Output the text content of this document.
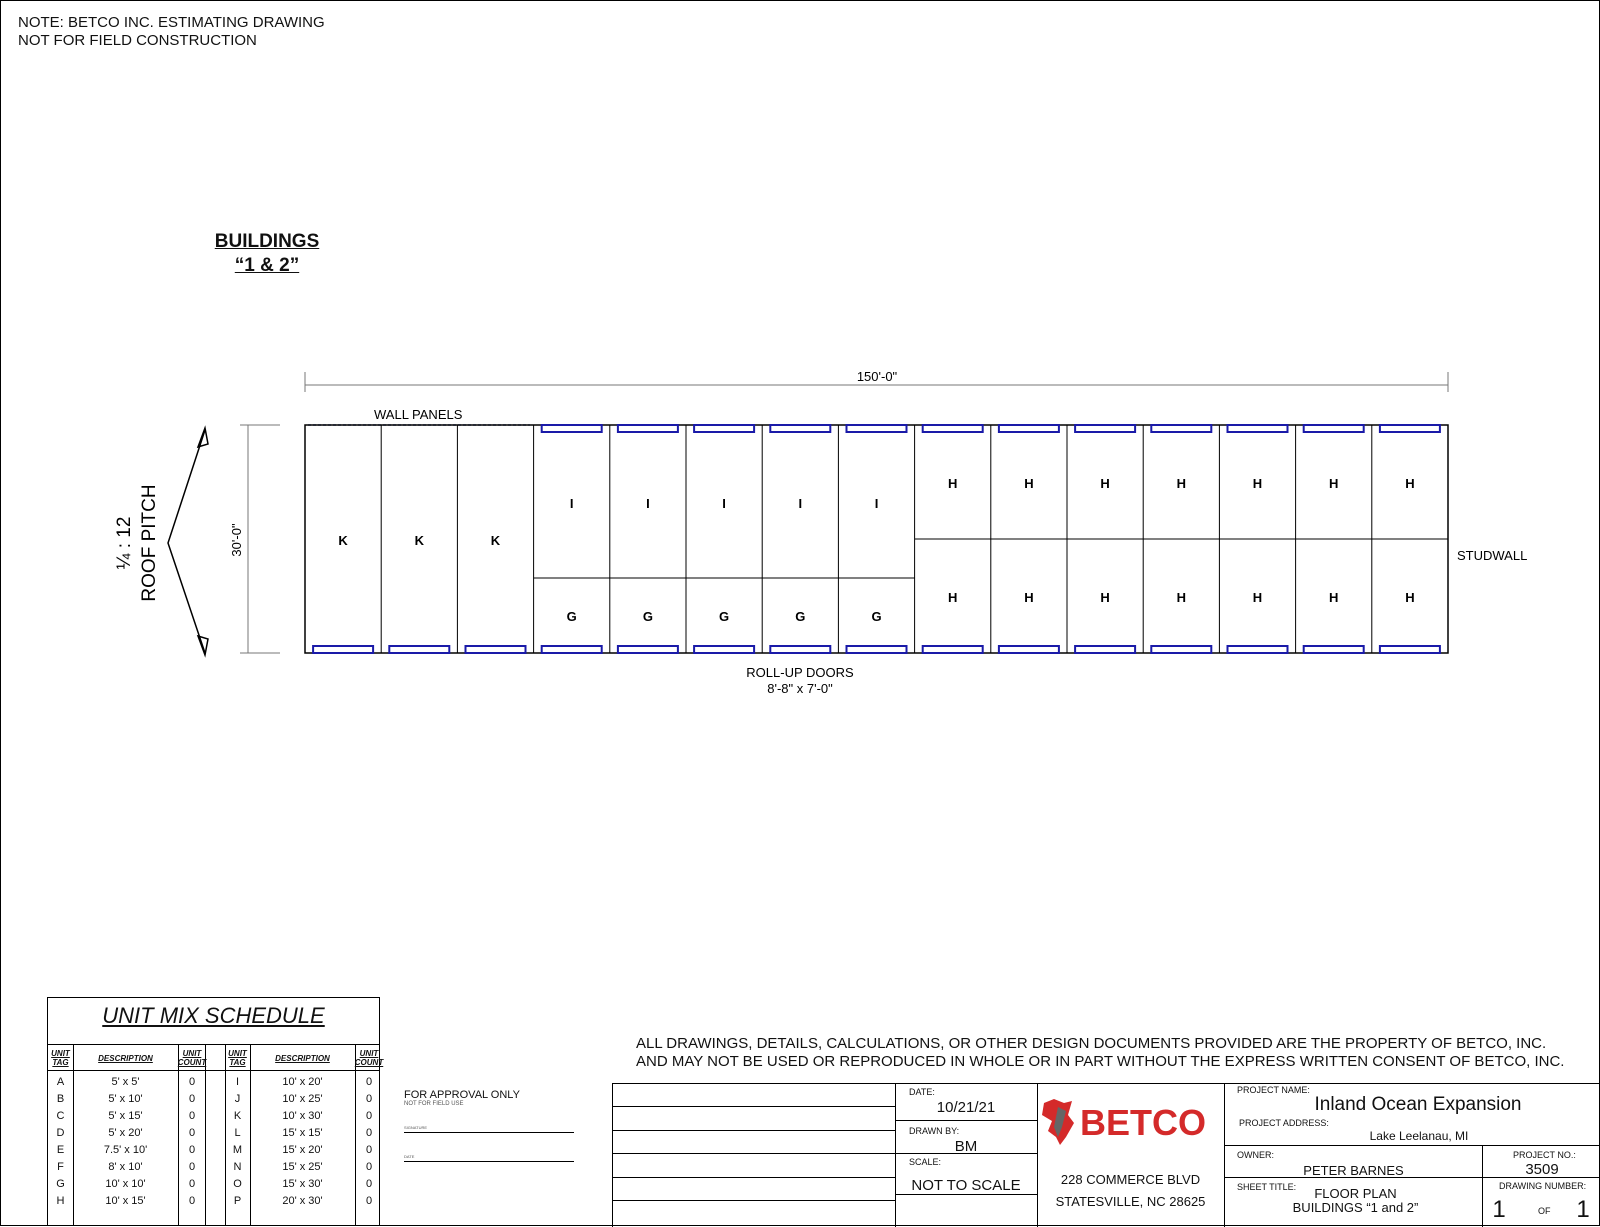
NOTE: BETCO INC. ESTIMATING DRAWING
NOT FOR FIELD CONSTRUCTION
BUILDINGS
“1 & 2”
150'-0"
30'-0"
¼ : 12 ROOF PITCH
WALL PANELS
STUDWALL
ROLL-UP DOORS
8'-8" x 7'-0"
K	K	K
I
G
I
G
I
G
I
G
I
G
H
H
H
H
H
H
H
H
H
H
H
H
H
H
UNIT MIX SCHEDULE
UNIT TAG	DESCRIPTION	UNIT COUNT
A	5' x 5'	0
B	5' x 10'	0
C	5' x 15'	0
D	5' x 20'	0
E	7.5' x 10'	0
F	8' x 10'	0
G	10' x 10'	0
H	10' x 15'	0
UNIT TAG	DESCRIPTION	UNIT COUNT
I	10' x 20'	0
J	10' x 25'	0
K	10' x 30'	0
L	15' x 15'	0
M	15' x 20'	0
N	15' x 25'	0
O	15' x 30'	0
P	20' x 30'	0
FOR APPROVAL ONLY
NOT FOR FIELD USE
SIGNATURE
DATE
ALL DRAWINGS, DETAILS, CALCULATIONS, OR OTHER DESIGN DOCUMENTS PROVIDED ARE THE PROPERTY OF BETCO, INC.
AND MAY NOT BE USED OR REPRODUCED IN WHOLE OR IN PART WITHOUT THE EXPRESS WRITTEN CONSENT OF BETCO, INC.
DATE:
10/21/21
DRAWN BY:
BM
SCALE:
NOT TO SCALE	228 COMMERCE BLVD
STATESVILLE, NC 28625
PROJECT NAME:
Inland Ocean Expansion
PROJECT ADDRESS:
Lake Leelanau, MI
OWNER:
PETER BARNES
PROJECT NO.:
3509
SHEET TITLE:	FLOOR PLAN
BUILDINGS “1 and 2”
DRAWING NUMBER:
1	OF 1
BETCO
